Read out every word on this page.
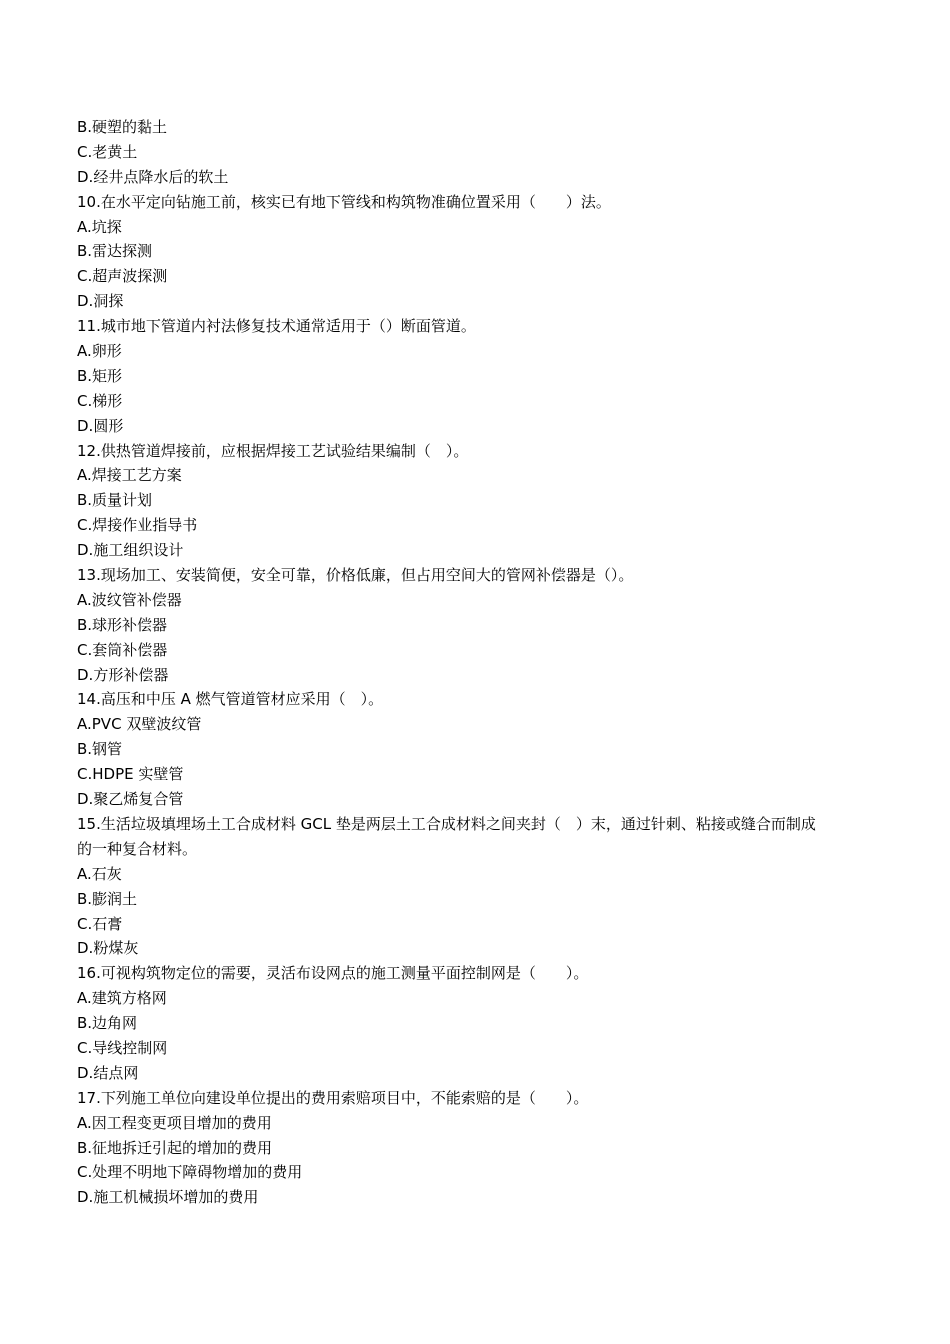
B.硬塑的黏土
C.老黄土
D.经井点降水后的软土
10.在水平定向钻施工前，核实已有地下管线和构筑物准确位置采用（　　）法。
A.坑探
B.雷达探测
C.超声波探测
D.洞探
11.城市地下管道内衬法修复技术通常适用于（）断面管道。
A.卵形
B.矩形
C.梯形
D.圆形
12.供热管道焊接前，应根据焊接工艺试验结果编制（　）。
A.焊接工艺方案
B.质量计划
C.焊接作业指导书
D.施工组织设计
13.现场加工、安装简便，安全可靠，价格低廉，但占用空间大的管网补偿器是（）。
A.波纹管补偿器
B.球形补偿器
C.套筒补偿器
D.方形补偿器
14.高压和中压 A 燃气管道管材应采用（　）。
A.PVC 双壁波纹管
B.钢管
C.HDPE 实壁管
D.聚乙烯复合管
15.生活垃圾填埋场土工合成材料 GCL 垫是两层土工合成材料之间夹封（　）末，通过针刺、粘接或缝合而制成
的一种复合材料。
A.石灰
B.膨润土
C.石膏
D.粉煤灰
16.可视构筑物定位的需要，灵活布设网点的施工测量平面控制网是（　　）。
A.建筑方格网
B.边角网
C.导线控制网
D.结点网
17.下列施工单位向建设单位提出的费用索赔项目中，不能索赔的是（　　）。
A.因工程变更项目增加的费用
B.征地拆迁引起的增加的费用
C.处理不明地下障碍物增加的费用
D.施工机械损坏增加的费用
